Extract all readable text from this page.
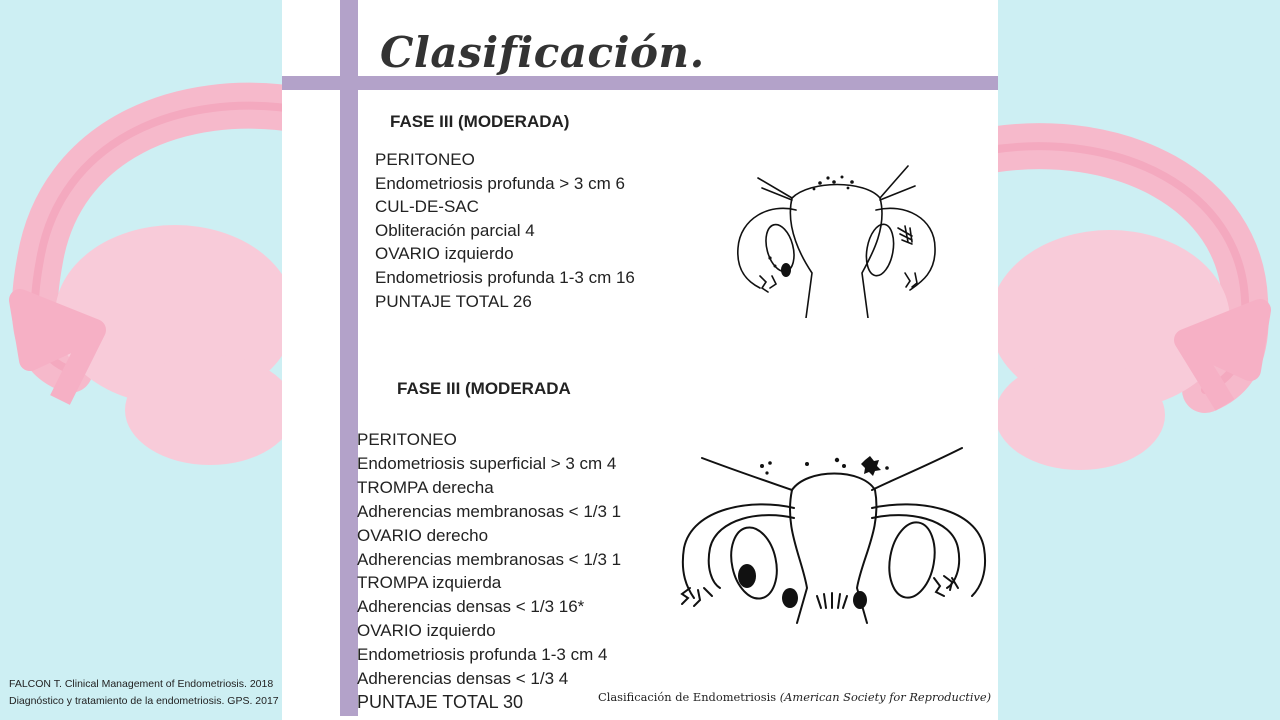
Clasificación.
FASE III (MODERADA)
PERITONEO
Endometriosis profunda > 3 cm 6
CUL-DE-SAC
Obliteración parcial 4
OVARIO izquierdo
Endometriosis profunda 1-3 cm 16
PUNTAJE TOTAL 26
FASE III (MODERADA
PERITONEO
Endometriosis superficial > 3 cm 4
TROMPA derecha
Adherencias membranosas < 1/3 1
OVARIO derecho
Adherencias membranosas < 1/3 1
TROMPA izquierda
Adherencias densas < 1/3 16*
OVARIO izquierdo
Endometriosis profunda 1-3 cm 4
Adherencias densas < 1/3 4
PUNTAJE TOTAL 30	Clasificación de Endometriosis (American Society for Reproductive)
FALCON T. Clinical Management of Endometriosis. 2018
Diagnóstico y tratamiento de la endometriosis. GPS. 2017
